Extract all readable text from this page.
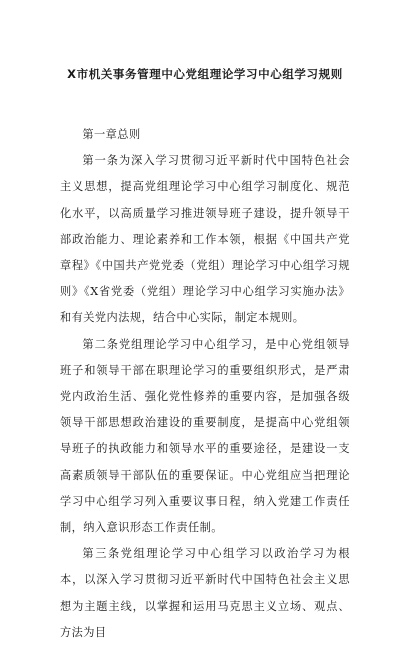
X市机关事务管理中心党组理论学习中心组学习规则

第一章总则

第一条为深入学习贯彻习近平新时代中国特色社会主义思想，提高党组理论学习中心组学习制度化、规范化水平，以高质量学习推进领导班子建设，提升领导干部政治能力、理论素养和工作本领，根据《中国共产党章程》《中国共产党党委（党组）理论学习中心组学习规则》《X省党委（党组）理论学习中心组学习实施办法》和有关党内法规，结合中心实际，制定本规则。

第二条党组理论学习中心组学习，是中心党组领导班子和领导干部在职理论学习的重要组织形式，是严肃党内政治生活、强化党性修养的重要内容，是加强各级领导干部思想政治建设的重要制度，是提高中心党组领导班子的执政能力和领导水平的重要途径，是建设一支高素质领导干部队伍的重要保证。中心党组应当把理论学习中心组学习列入重要议事日程，纳入党建工作责任制，纳入意识形态工作责任制。

第三条党组理论学习中心组学习以政治学习为根本，以深入学习贯彻习近平新时代中国特色社会主义思想为主题主线，以掌握和运用马克思主义立场、观点、方法为目
